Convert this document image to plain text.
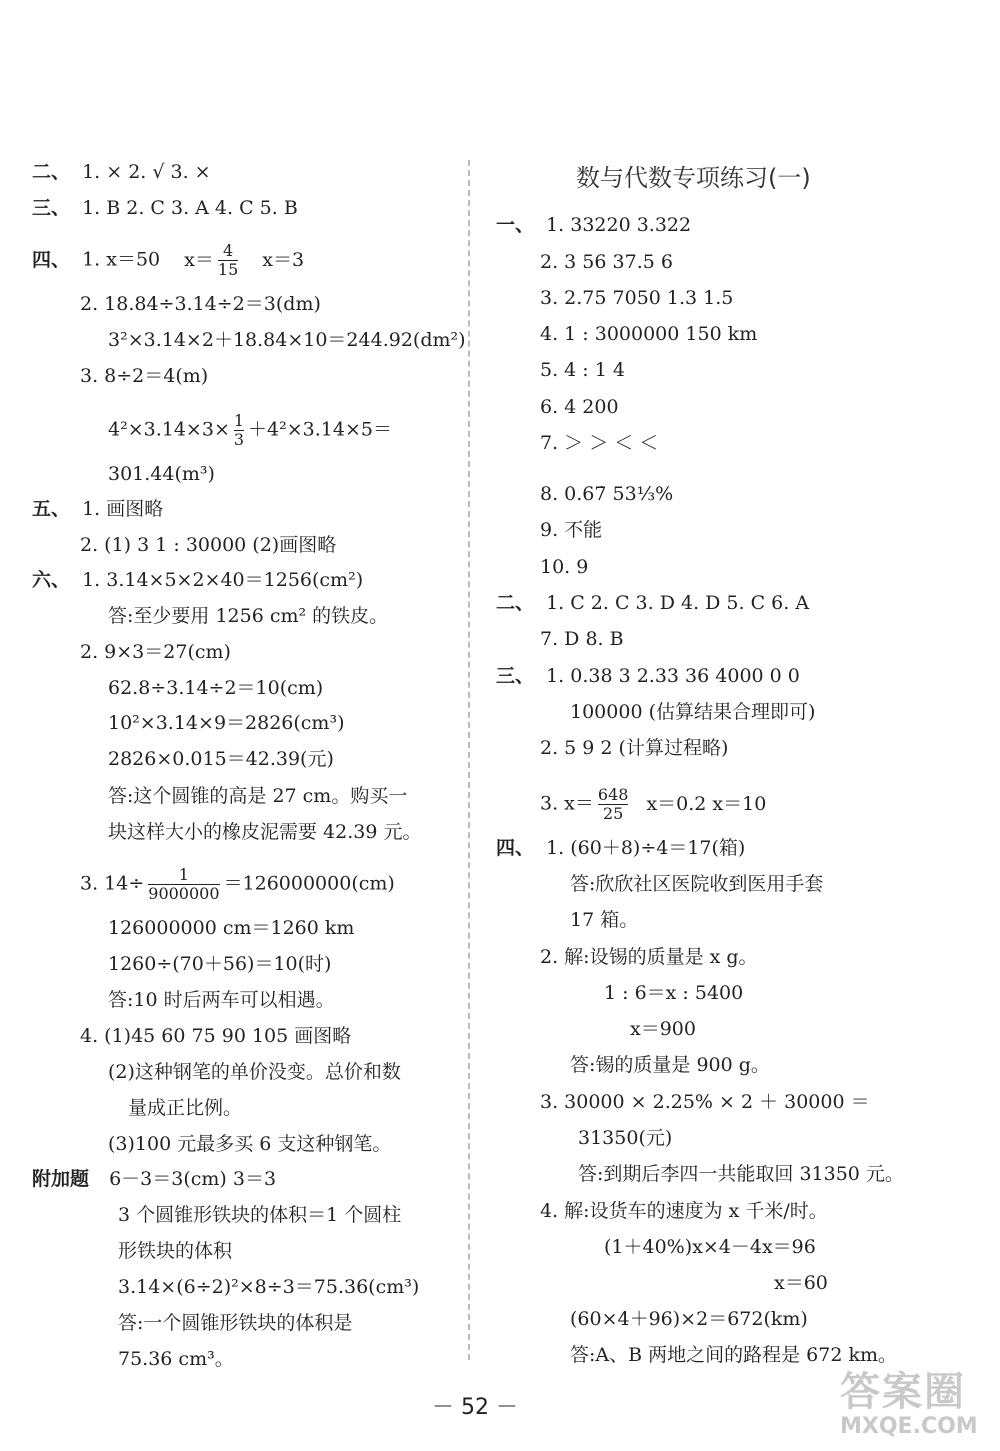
二、 1. × 2. √ 3. ×
三、 1. B 2. C 3. A 4. C 5. B
四、 1. x＝50 $x= \frac{4}{15} x=3$
2. 18.84÷3.14÷2＝3(dm)
3²×3.14×2＋18.84×10＝244.92(dm²)
3. 8÷2＝4(m)
$4^2\times 3.14\times 3\times \frac{1}{3} +4^2\times 3.14\times 5=$
301.44(m³)
五、 1. 画图略
2. (1) 3 1 : 30000 (2)画图略
六、 1. 3.14×5×2×40＝1256(cm²)
答:至少要用 1256 cm² 的铁皮。
2. 9×3＝27(cm)
62.8÷3.14÷2＝10(cm)
10²×3.14×9＝2826(cm³)
2826×0.015＝42.39(元)
答:这个圆锥的高是 27 cm。购买一
块这样大小的橡皮泥需要 42.39 元。
3. $14\div \frac{1}{9000000} =126000000(cm)$
126000000 cm＝1260 km
1260÷(70＋56)＝10(时)
答:10 时后两车可以相遇。
4. (1)45 60 75 90 105 画图略
(2)这种钢笔的单价没变。总价和数
量成正比例。
(3)100 元最多买 6 支这种钢笔。
附加题 6－3＝3(cm) 3＝3
3 个圆锥形铁块的体积＝1 个圆柱
形铁块的体积
3.14×(6÷2)²×8÷3＝75.36(cm³)
答:一个圆锥形铁块的体积是
75.36 cm³。
数与代数专项练习(一)
一、 1. 33220 3.322
2. 3 56 37.5 6
3. 2.75 7050 1.3 1.5
4. 1 : 3000000 150 km
5. 4 : 1 4
6. 4 200
7. ＞ ＞ ＜ ＜
8. 0.67̇ 53⅓%
9. 不能
10. 9
二、 1. C 2. C 3. D 4. D 5. C 6. A
7. D 8. B
三、 1. 0.38 3 2.33 36 4000 0 0
100000 (估算结果合理即可)
2. 5 9 2 (计算过程略)
3. $x= \frac{648}{25} x=0.2$ x＝10
四、 1. (60＋8)÷4＝17(箱)
答:欣欣社区医院收到医用手套
17 箱。
2. 解:设锡的质量是 x g。
1 : 6＝x : 5400
x＝900
答:锡的质量是 900 g。
3. 30000 × 2.25% × 2 ＋ 30000 ＝
31350(元)
答:到期后李四一共能取回 31350 元。
4. 解:设货车的速度为 x 千米/时。
(1＋40%)x×4－4x＝96
x＝60
(60×4＋96)×2＝672(km)
答:A、B 两地之间的路程是 672 km。
－ 52 －	答案圈
MXQE.COM
